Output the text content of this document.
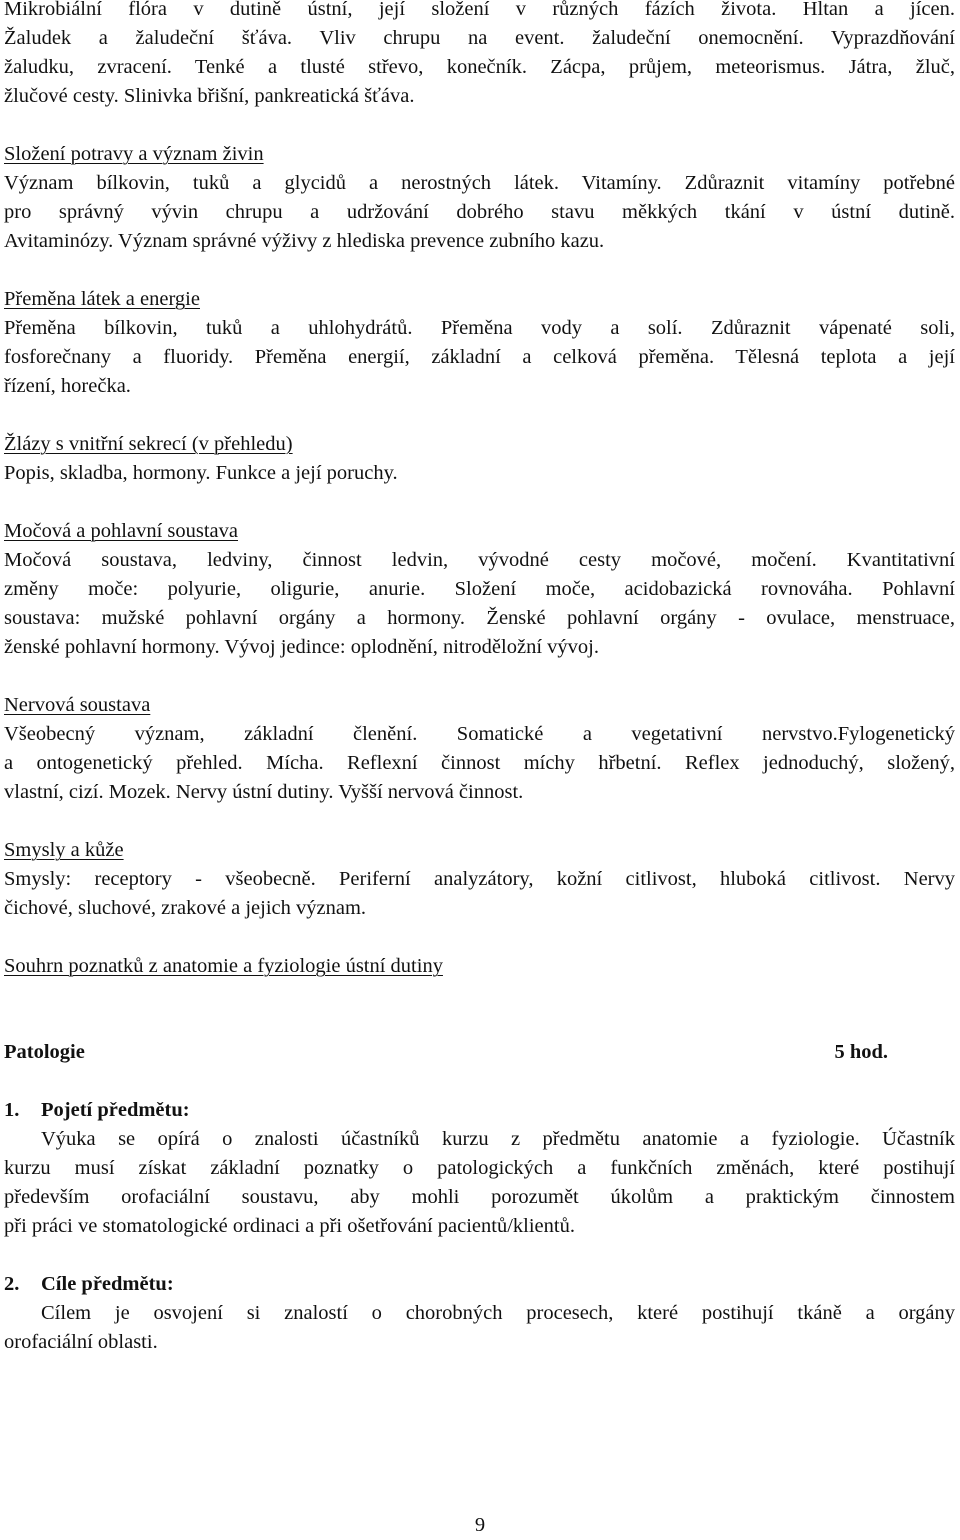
Mikrobiální flóra v dutině ústní, její složení v různých fázích života. Hltan a jícen.

Žaludek a žaludeční šťáva. Vliv chrupu na event. žaludeční onemocnění. Vyprazdňování

žaludku, zvracení. Tenké a tlusté střevo, konečník. Zácpa, průjem, meteorismus. Játra, žluč,

žlučové cesty. Slinivka břišní, pankreatická šťáva.

Složení potravy a význam živin

Význam bílkovin, tuků a glycidů a nerostných látek. Vitamíny. Zdůraznit vitamíny potřebné

pro správný vývin chrupu a udržování dobrého stavu měkkých tkání v ústní dutině.

Avitaminózy. Význam správné výživy z hlediska prevence zubního kazu.

Přeměna látek a energie

Přeměna bílkovin, tuků a uhlohydrátů. Přeměna vody a solí. Zdůraznit vápenaté soli,

fosforečnany a fluoridy. Přeměna energií, základní a celková přeměna. Tělesná teplota a její

řízení, horečka.

Žlázy s vnitřní sekrecí (v přehledu)

Popis, skladba, hormony. Funkce a její poruchy.

Močová a pohlavní soustava

Močová soustava, ledviny, činnost ledvin, vývodné cesty močové, močení. Kvantitativní

změny moče: polyurie, oligurie, anurie. Složení moče, acidobazická rovnováha. Pohlavní

soustava: mužské pohlavní orgány a hormony. Ženské pohlavní orgány - ovulace, menstruace,

ženské pohlavní hormony. Vývoj jedince: oplodnění, nitroděložní vývoj.

Nervová soustava

Všeobecný význam, základní členění. Somatické a vegetativní nervstvo.Fylogenetický

a ontogenetický přehled. Mícha. Reflexní činnost míchy hřbetní. Reflex jednoduchý, složený,

vlastní, cizí. Mozek. Nervy ústní dutiny. Vyšší nervová činnost.

Smysly a kůže

Smysly: receptory - všeobecně. Periferní analyzátory, kožní citlivost, hluboká citlivost. Nervy

čichové, sluchové, zrakové a jejich význam.

Souhrn poznatků z anatomie a fyziologie ústní dutiny

Patologie	5 hod.

1. Pojetí předmětu:

Výuka se opírá o znalosti účastníků kurzu z předmětu anatomie a fyziologie. Účastník

kurzu musí získat základní poznatky o patologických a funkčních změnách, které postihují

především orofaciální soustavu, aby mohli porozumět úkolům a praktickým činnostem

při práci ve stomatologické ordinaci a při ošetřování pacientů/klientů.

2. Cíle předmětu:

Cílem je osvojení si znalostí o chorobných procesech, které postihují tkáně a orgány

orofaciální oblasti.

9
